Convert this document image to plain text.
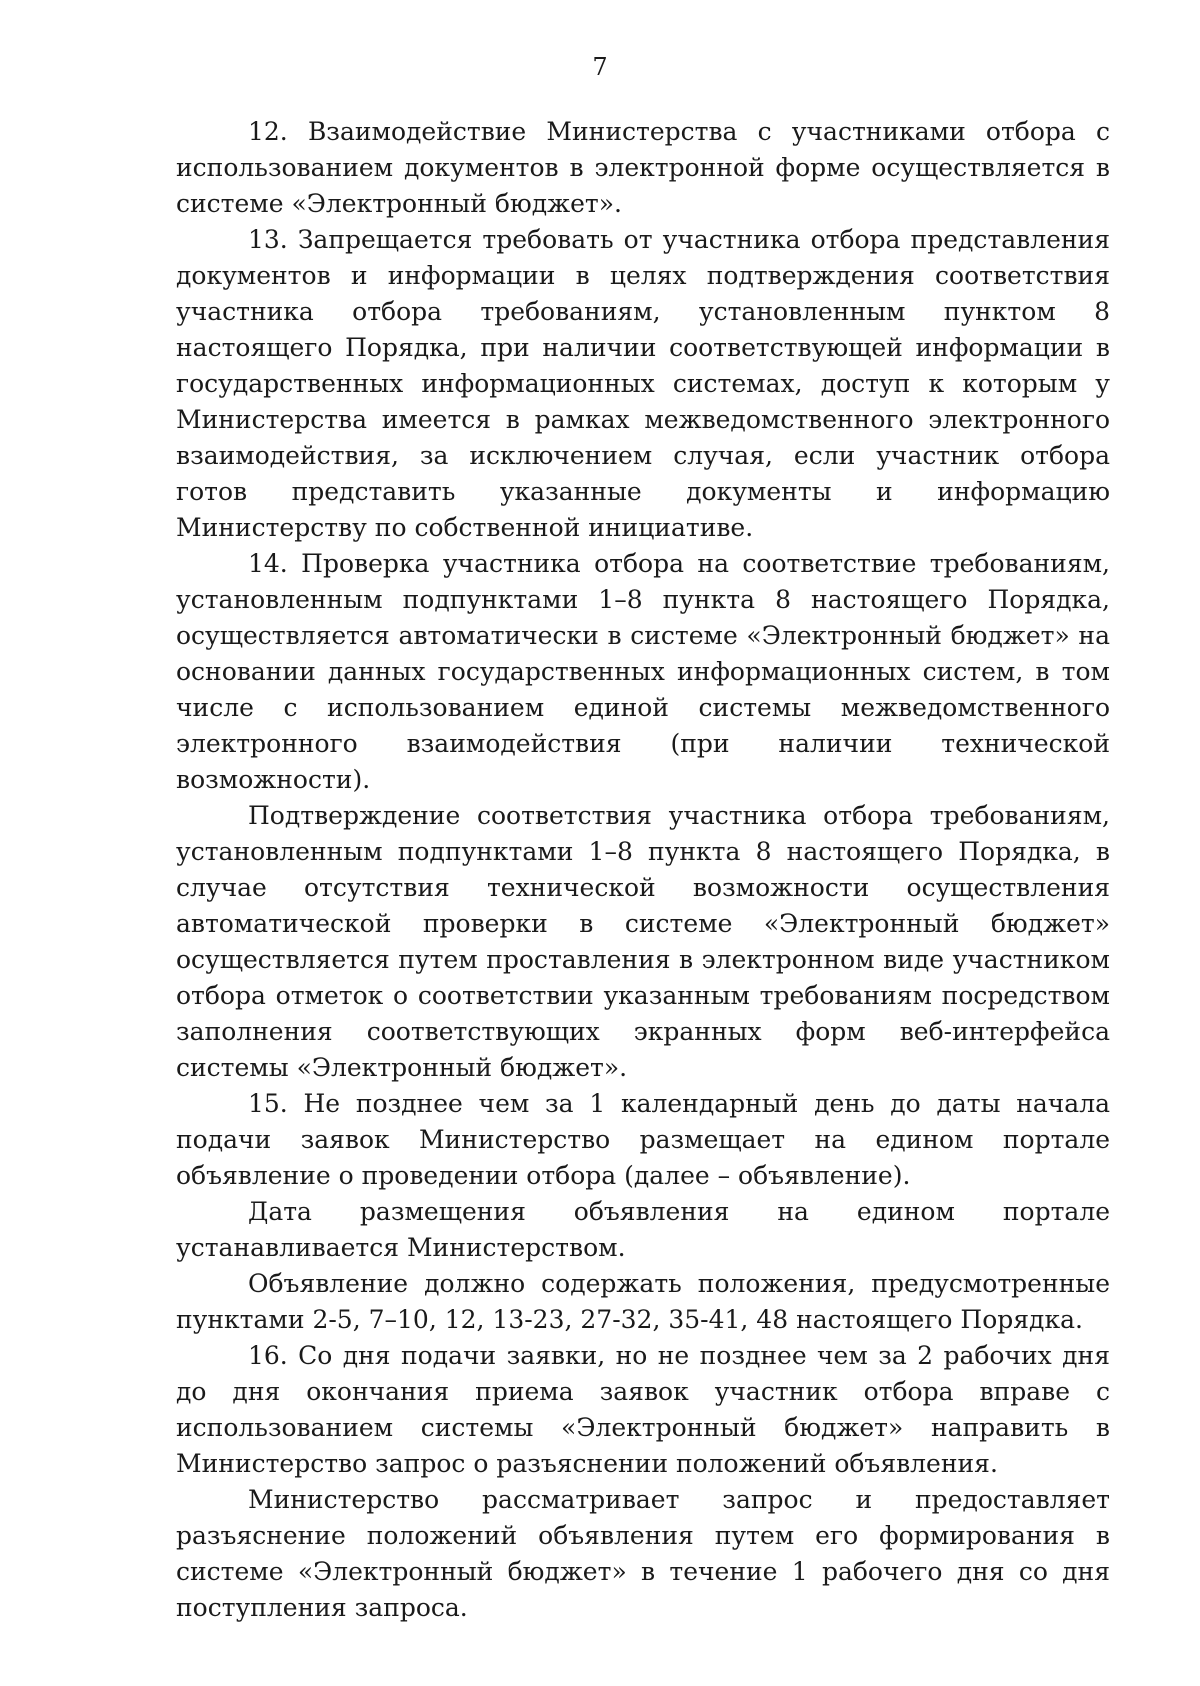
7

12. Взаимодействие Министерства с участниками отбора с использованием документов в электронной форме осуществляется в системе «Электронный бюджет».

13. Запрещается требовать от участника отбора представления документов и информации в целях подтверждения соответствия участника отбора требованиям, установленным пунктом 8 настоящего Порядка, при наличии соответствующей информации в государственных информационных системах, доступ к которым у Министерства имеется в рамках межведомственного электронного взаимодействия, за исключением случая, если участник отбора готов представить указанные документы и информацию Министерству по собственной инициативе.

14. Проверка участника отбора на соответствие требованиям, установленным подпунктами 1–8 пункта 8 настоящего Порядка, осуществляется автоматически в системе «Электронный бюджет» на основании данных государственных информационных систем, в том числе с использованием единой системы межведомственного электронного взаимодействия (при наличии технической возможности).

Подтверждение соответствия участника отбора требованиям, установленным подпунктами 1–8 пункта 8 настоящего Порядка, в случае отсутствия технической возможности осуществления автоматической проверки в системе «Электронный бюджет» осуществляется путем проставления в электронном виде участником отбора отметок о соответствии указанным требованиям посредством заполнения соответствующих экранных форм веб-интерфейса системы «Электронный бюджет».

15. Не позднее чем за 1 календарный день до даты начала подачи заявок Министерство размещает на едином портале объявление о проведении отбора (далее – объявление).

Дата размещения объявления на едином портале устанавливается Министерством.

Объявление должно содержать положения, предусмотренные пунктами 2-5, 7–10, 12, 13-23, 27-32, 35-41, 48 настоящего Порядка.

16. Со дня подачи заявки, но не позднее чем за 2 рабочих дня до дня окончания приема заявок участник отбора вправе с использованием системы «Электронный бюджет» направить в Министерство запрос о разъяснении положений объявления.

Министерство рассматривает запрос и предоставляет разъяснение положений объявления путем его формирования в системе «Электронный бюджет» в течение 1 рабочего дня со дня поступления запроса.
